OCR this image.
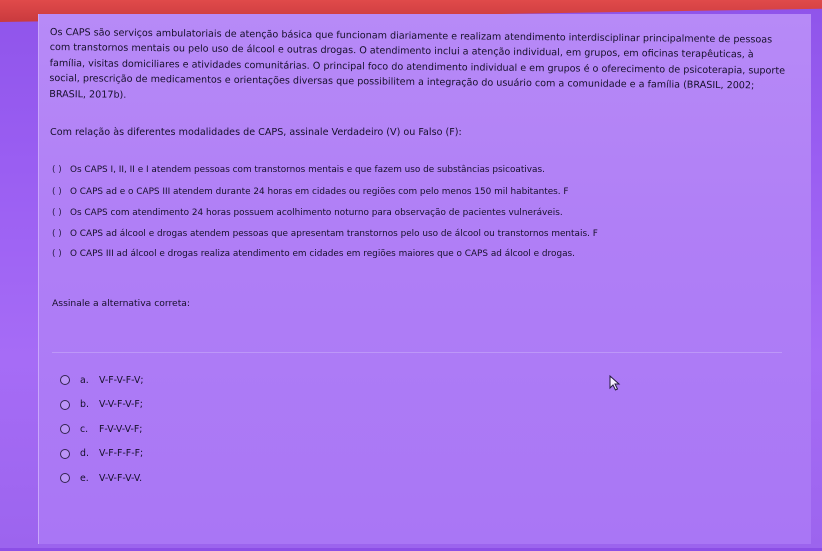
Os CAPS são serviços ambulatoriais de atenção básica que funcionam diariamente e realizam atendimento interdisciplinar principalmente de pessoas com transtornos mentais ou pelo uso de álcool e outras drogas. O atendimento inclui a atenção individual, em grupos, em oficinas terapêuticas, à família, visitas domiciliares e atividades comunitárias. O principal foco do atendimento individual e em grupos é o oferecimento de psicoterapia, suporte social, prescrição de medicamentos e orientações diversas que possibilitem a integração do usuário com a comunidade e a família (BRASIL, 2002; BRASIL, 2017b).
Com relação às diferentes modalidades de CAPS, assinale Verdadeiro (V) ou Falso (F):
( ) Os CAPS I, II, II e I atendem pessoas com transtornos mentais e que fazem uso de substâncias psicoativas.
( ) O CAPS ad e o CAPS III atendem durante 24 horas em cidades ou regiões com pelo menos 150 mil habitantes. F
( ) Os CAPS com atendimento 24 horas possuem acolhimento noturno para observação de pacientes vulneráveis.
( ) O CAPS ad álcool e drogas atendem pessoas que apresentam transtornos pelo uso de álcool ou transtornos mentais. F
( ) O CAPS III ad álcool e drogas realiza atendimento em cidades em regiões maiores que o CAPS ad álcool e drogas.
Assinale a alternativa correta:
a.	V-F-V-F-V;
b.	V-V-F-V-F;
c.	F-V-V-V-F;
d.	V-F-F-F-F;
e.	V-V-F-V-V.
